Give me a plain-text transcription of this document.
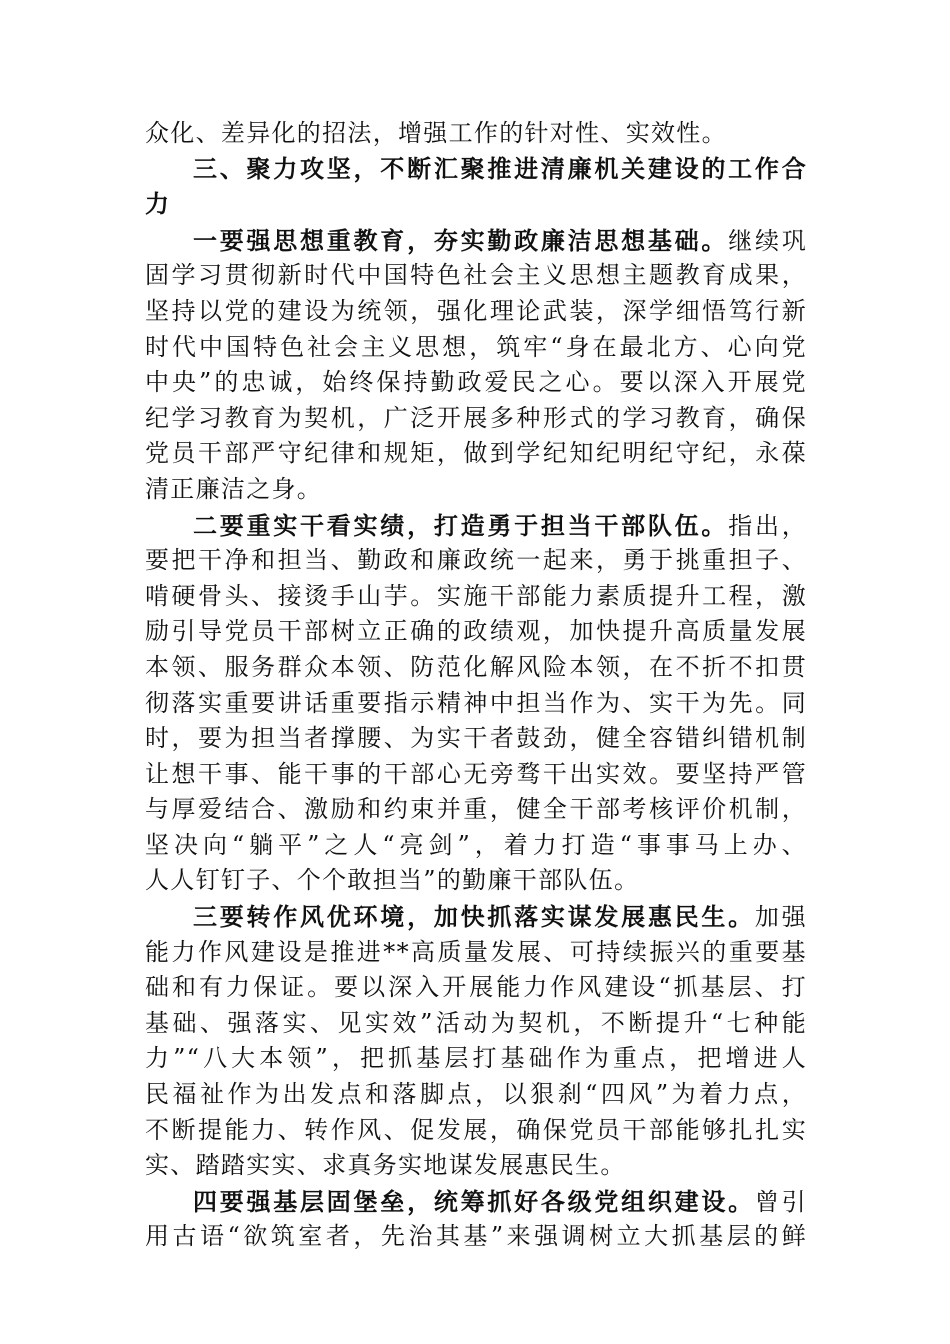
众化、差异化的招法，增强工作的针对性、实效性。
三、聚力攻坚，不断汇聚推进清廉机关建设的工作合
力
一要强思想重教育，夯实勤政廉洁思想基础。继续巩
固学习贯彻新时代中国特色社会主义思想主题教育成果，
坚持以党的建设为统领，强化理论武装，深学细悟笃行新
时代中国特色社会主义思想，筑牢“身在最北方、心向党
中央”的忠诚，始终保持勤政爱民之心。要以深入开展党
纪学习教育为契机，广泛开展多种形式的学习教育，确保
党员干部严守纪律和规矩，做到学纪知纪明纪守纪，永葆
清正廉洁之身。
二要重实干看实绩，打造勇于担当干部队伍。指出，
要把干净和担当、勤政和廉政统一起来，勇于挑重担子、
啃硬骨头、接烫手山芋。实施干部能力素质提升工程，激
励引导党员干部树立正确的政绩观，加快提升高质量发展
本领、服务群众本领、防范化解风险本领，在不折不扣贯
彻落实重要讲话重要指示精神中担当作为、实干为先。同
时，要为担当者撑腰、为实干者鼓劲，健全容错纠错机制
让想干事、能干事的干部心无旁骛干出实效。要坚持严管
与厚爱结合、激励和约束并重，健全干部考核评价机制，
坚决向“躺平”之人“亮剑”，着力打造“事事马上办、
人人钉钉子、个个敢担当”的勤廉干部队伍。
三要转作风优环境，加快抓落实谋发展惠民生。加强
能力作风建设是推进**高质量发展、可持续振兴的重要基
础和有力保证。要以深入开展能力作风建设“抓基层、打
基础、强落实、见实效”活动为契机，不断提升“七种能
力”“八大本领”，把抓基层打基础作为重点，把增进人
民福祉作为出发点和落脚点，以狠刹“四风”为着力点，
不断提能力、转作风、促发展，确保党员干部能够扎扎实
实、踏踏实实、求真务实地谋发展惠民生。
四要强基层固堡垒，统筹抓好各级党组织建设。曾引
用古语“欲筑室者，先治其基”来强调树立大抓基层的鲜
